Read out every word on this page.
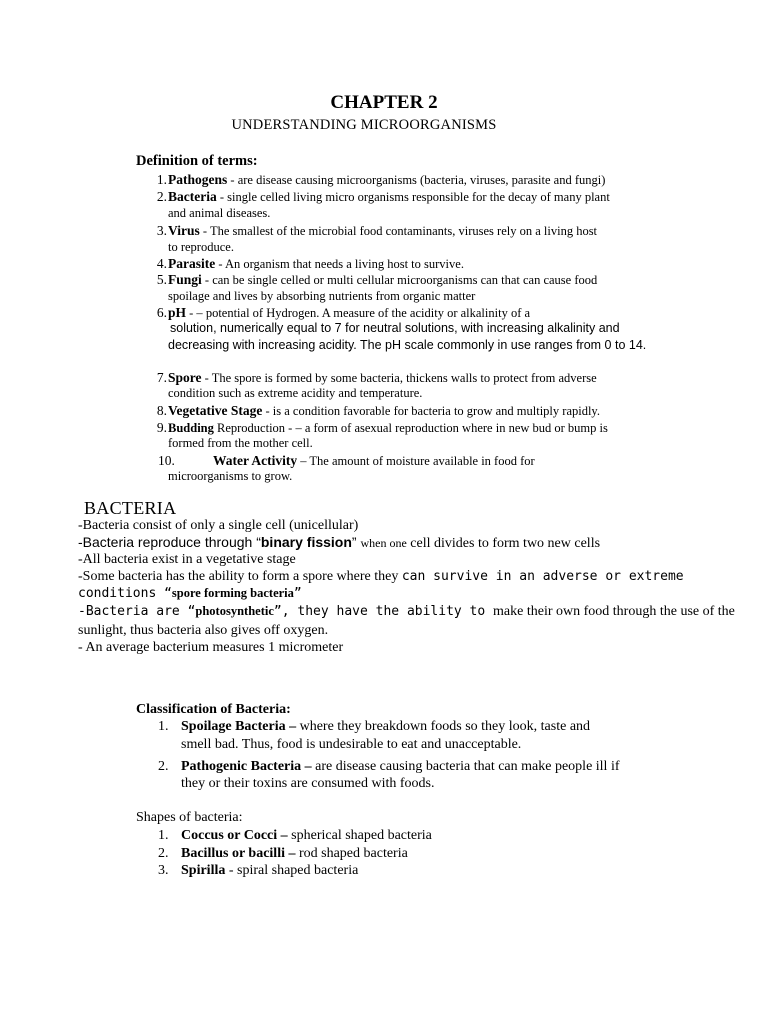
CHAPTER 2
UNDERSTANDING MICROORGANISMS
Definition of terms:
1. Pathogens - are disease causing microorganisms (bacteria, viruses, parasite and fungi)
2. Bacteria - single celled living micro organisms responsible for the decay of many plant
and animal diseases.
3. Virus - The smallest of the microbial food contaminants, viruses rely on a living host
to reproduce.
4. Parasite - An organism that needs a living host to survive.
5. Fungi - can be single celled or multi cellular microorganisms can that can cause food
spoilage and lives by absorbing nutrients from organic matter
6. pH - – potential of Hydrogen. A measure of the acidity or alkalinity of a
solution, numerically equal to 7 for neutral solutions, with increasing alkalinity and
decreasing with increasing acidity. The pH scale commonly in use ranges from 0 to 14.
7. Spore - The spore is formed by some bacteria, thickens walls to protect from adverse
condition such as extreme acidity and temperature.
8. Vegetative Stage - is a condition favorable for bacteria to grow and multiply rapidly.
9. Budding Reproduction - – a form of asexual reproduction where in new bud or bump is
formed from the mother cell.
10.	Water Activity – The amount of moisture available in food for
microorganisms to grow.
BACTERIA
-Bacteria consist of only a single cell (unicellular)
-Bacteria reproduce through “binary fission” when one cell divides to form two new cells
-All bacteria exist in a vegetative stage
-Some bacteria has the ability to form a spore where they can survive in an adverse or extreme
conditions “spore forming bacteria”
-Bacteria are “photosynthetic”, they have the ability to make their own food through the use of the
sunlight, thus bacteria also gives off oxygen.
- An average bacterium measures 1 micrometer
Classification of Bacteria:
1. Spoilage Bacteria – where they breakdown foods so they look, taste and
smell bad. Thus, food is undesirable to eat and unacceptable.
2. Pathogenic Bacteria – are disease causing bacteria that can make people ill if
they or their toxins are consumed with foods.
Shapes of bacteria:
1. Coccus or Cocci – spherical shaped bacteria
2. Bacillus or bacilli – rod shaped bacteria
3. Spirilla - spiral shaped bacteria
